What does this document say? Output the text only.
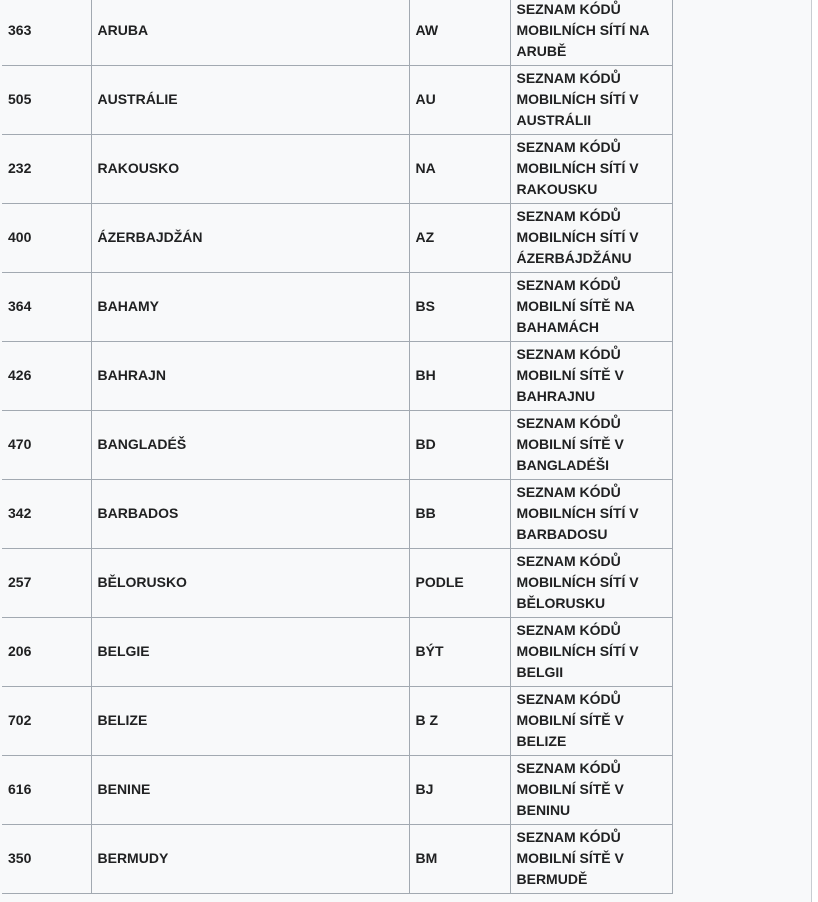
363	ARUBA	AW	SEZNAM KÓDŮ MOBILNÍCH SÍTÍ NA ARUBĚ
505	AUSTRÁLIE	AU	SEZNAM KÓDŮ MOBILNÍCH SÍTÍ V AUSTRÁLII
232	RAKOUSKO	NA	SEZNAM KÓDŮ MOBILNÍCH SÍTÍ V RAKOUSKU
400	ÁZERBAJDŽÁN	AZ	SEZNAM KÓDŮ MOBILNÍCH SÍTÍ V ÁZERBÁJDŽÁNU
364	BAHAMY	BS	SEZNAM KÓDŮ MOBILNÍ SÍTĚ NA BAHAMÁCH
426	BAHRAJN	BH	SEZNAM KÓDŮ MOBILNÍ SÍTĚ V BAHRAJNU
470	BANGLADÉŠ	BD	SEZNAM KÓDŮ MOBILNÍ SÍTĚ V BANGLADÉŠI
342	BARBADOS	BB	SEZNAM KÓDŮ MOBILNÍCH SÍTÍ V BARBADOSU
257	BĚLORUSKO	PODLE	SEZNAM KÓDŮ MOBILNÍCH SÍTÍ V BĚLORUSKU
206	BELGIE	BÝT	SEZNAM KÓDŮ MOBILNÍCH SÍTÍ V BELGII
702	BELIZE	B Z	SEZNAM KÓDŮ MOBILNÍ SÍTĚ V BELIZE
616	BENINE	BJ	SEZNAM KÓDŮ MOBILNÍ SÍTĚ V BENINU
350	BERMUDY	BM	SEZNAM KÓDŮ MOBILNÍ SÍTĚ V BERMUDĚ
